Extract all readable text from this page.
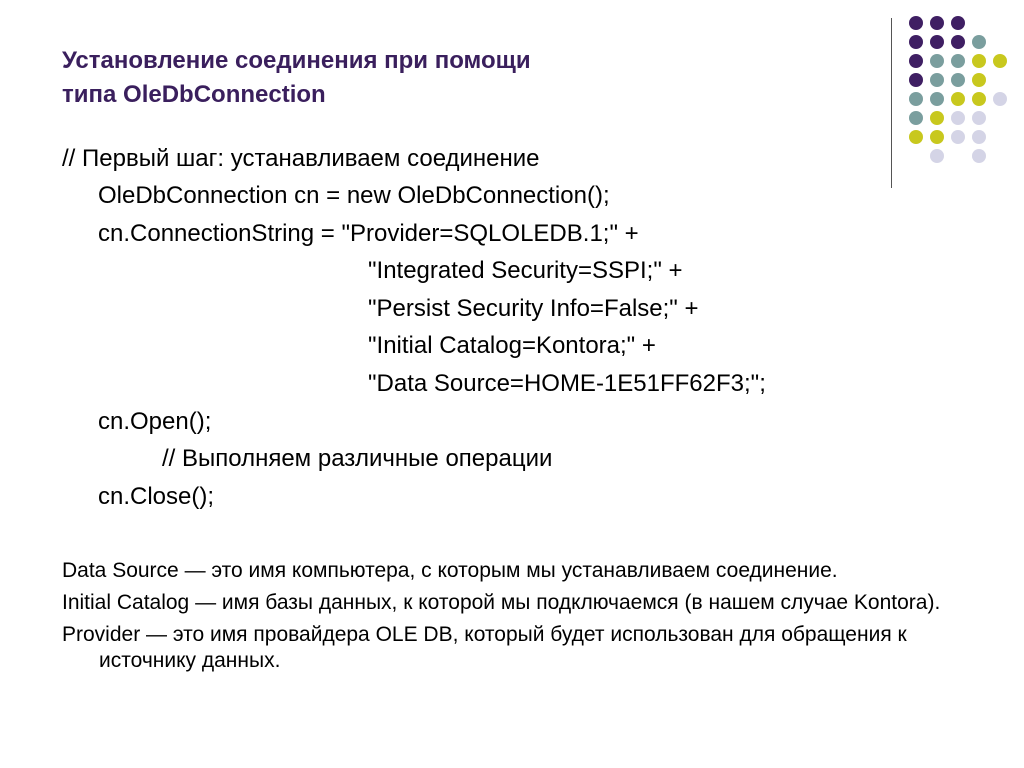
Установление соединения при помощи
типа OleDbConnection
// Первый шаг: устанавливаем соединение
OleDbConnection cn = new OleDbConnection();
cn.ConnectionString = "Provider=SQLOLEDB.1;" +
"Integrated Security=SSPI;" +
"Persist Security Info=False;" +
"Initial Catalog=Kontora;" +
"Data Source=HOME-1E51FF62F3;";
cn.Open();
// Выполняем различные операции
cn.Close();

Data Source — это имя компьютера, с которым мы устанавливаем соединение.

Initial Catalog — имя базы данных, к которой мы подключаемся (в нашем случае Kontora).

Provider — это имя провайдера OLE DB, который будет использован для обращения к источнику данных.
